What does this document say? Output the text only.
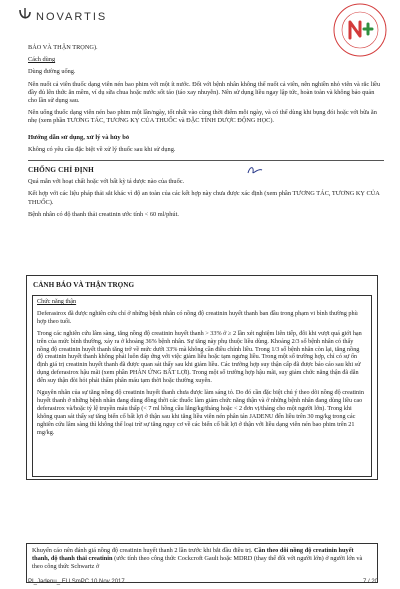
NOVARTIS

BẢO VÀ THẬN TRỌNG).

Cách dùng

Dùng đường uống.

Nên nuốt cả viên thuốc dạng viên nén bao phim với một ít nước. Đối với bệnh nhân không thể nuốt cả viên, nên nghiền nhỏ viên và rắc liều đầy đủ lên thức ăn mềm, ví dụ sữa chua hoặc nước sốt táo (táo xay nhuyễn). Nên sử dụng liều ngay lập tức, hoàn toàn và không bảo quản cho lần sử dụng sau.

Nên uống thuốc dạng viên nén bao phim một lần/ngày, tốt nhất vào cùng thời điểm mỗi ngày, và có thể dùng khi bụng đói hoặc với bữa ăn nhẹ (xem phần TƯƠNG TÁC, TƯƠNG KỴ CỦA THUỐC và ĐẶC TÍNH DƯỢC ĐỘNG HỌC).

Hướng dẫn sử dụng, xử lý và hủy bỏ

Không có yêu cầu đặc biệt về xử lý thuốc sau khi sử dụng.

CHỐNG CHỈ ĐỊNH

Quá mẫn với hoạt chất hoặc với bất kỳ tá dược nào của thuốc.

Kết hợp với các liệu pháp thải sắt khác vì độ an toàn của các kết hợp này chưa được xác định (xem phần TƯƠNG TÁC, TƯƠNG KỴ CỦA THUỐC).

Bệnh nhân có độ thanh thải creatinin ước tính < 60 ml/phút.

CẢNH BÁO VÀ THẬN TRỌNG

Chức năng thận

Deferasirox đã được nghiên cứu chỉ ở những bệnh nhân có nồng độ creatinin huyết thanh ban đầu trong phạm vi bình thường phù hợp theo tuổi.

Trong các nghiên cứu lâm sàng, tăng nồng độ creatinin huyết thanh > 33% ở ≥ 2 lần xét nghiệm liên tiếp, đôi khi vượt quá giới hạn trên của mức bình thường, xảy ra ở khoảng 36% bệnh nhân. Sự tăng này phụ thuộc liều dùng. Khoảng 2/3 số bệnh nhân có thấy nồng độ creatinin huyết thanh tăng trở về mức dưới 33% mà không cần điều chỉnh liều. Trong 1/3 số bệnh nhân còn lại, tăng nồng độ creatinin huyết thanh không phải luôn đáp ứng với việc giảm liều hoặc tạm ngưng liều. Trong một số trường hợp, chỉ có sự ổn định giá trị creatinin huyết thanh đã được quan sát thấy sau khi giảm liều. Các trường hợp suy thận cấp đã được báo cáo sau khi sử dụng deferasirox hậu mãi (xem phần PHẢN ỨNG BẤT LỢI). Trong một số trường hợp hậu mãi, suy giảm chức năng thận đã dẫn đến suy thận đòi hỏi phải thẩm phân máu tạm thời hoặc thường xuyên.

Nguyên nhân của sự tăng nồng độ creatinin huyết thanh chưa được làm sáng tỏ. Do đó cần đặc biệt chú ý theo dõi nồng độ creatinin huyết thanh ở những bệnh nhân đang dùng đồng thời các thuốc làm giảm chức năng thận và ở những bệnh nhân đang dùng liều cao deferasirox và/hoặc tỷ lệ truyền máu thấp (< 7 ml hồng cầu lắng/kg/tháng hoặc < 2 đơn vị/tháng cho một người lớn). Trong khi không quan sát thấy sự tăng biến cố bất lợi ở thận sau khi tăng liều viên nén phân tán JADENU đến liều trên 30 mg/kg trong các nghiên cứu lâm sàng thì không thể loại trừ sự tăng nguy cơ về các biến cố bất lợi ở thận với liều dạng viên nén bao phim trên 21 mg/kg.

Khuyến cáo nên đánh giá nồng độ creatinin huyết thanh 2 lần trước khi bắt đầu điều trị. Cần theo dõi nồng độ creatinin huyết thanh, độ thanh thải creatinin (ước tính theo công thức Cockcroft Gault hoặc MDRD (thay thế đối với người lớn) ở người lớn và theo công thức Schwartz ở
PI_Jadenu_ EU SmPC 10 Nov 2017	7 / 20
